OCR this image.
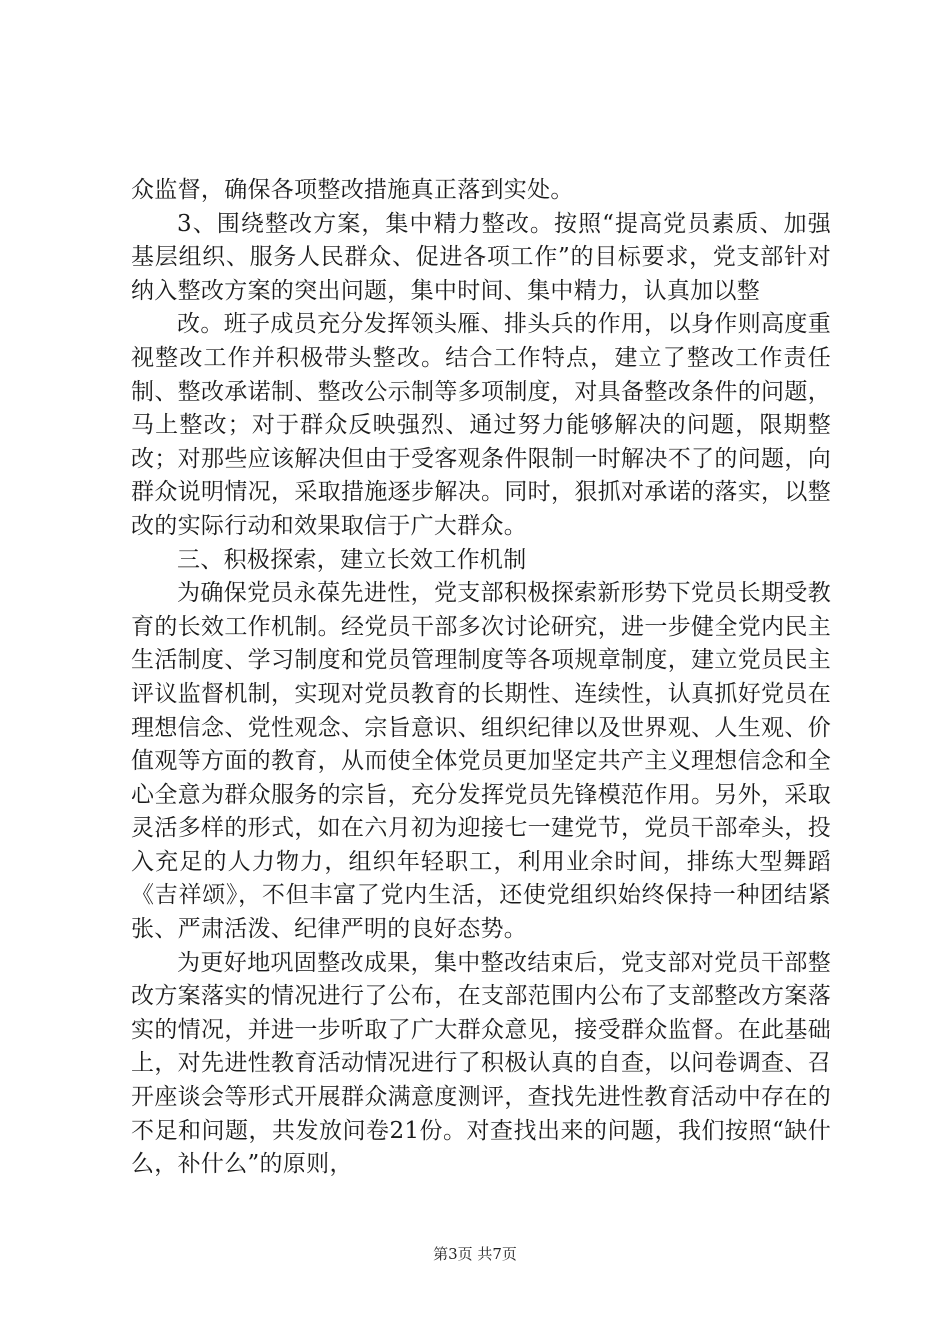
众监督，确保各项整改措施真正落到实处。

3、围绕整改方案，集中精力整改。按照“提高党员素质、加强基层组织、服务人民群众、促进各项工作”的目标要求，党支部针对纳入整改方案的突出问题，集中时间、集中精力，认真加以整

改。班子成员充分发挥领头雁、排头兵的作用，以身作则高度重视整改工作并积极带头整改。结合工作特点，建立了整改工作责任制、整改承诺制、整改公示制等多项制度，对具备整改条件的问题，马上整改；对于群众反映强烈、通过努力能够解决的问题，限期整改；对那些应该解决但由于受客观条件限制一时解决不了的问题，向群众说明情况，采取措施逐步解决。同时，狠抓对承诺的落实，以整改的实际行动和效果取信于广大群众。

三、积极探索，建立长效工作机制

为确保党员永葆先进性，党支部积极探索新形势下党员长期受教育的长效工作机制。经党员干部多次讨论研究，进一步健全党内民主生活制度、学习制度和党员管理制度等各项规章制度，建立党员民主评议监督机制，实现对党员教育的长期性、连续性，认真抓好党员在理想信念、党性观念、宗旨意识、组织纪律以及世界观、人生观、价值观等方面的教育，从而使全体党员更加坚定共产主义理想信念和全心全意为群众服务的宗旨，充分发挥党员先锋模范作用。另外，采取灵活多样的形式，如在六月初为迎接七一建党节，党员干部牵头，投入充足的人力物力，组织年轻职工，利用业余时间，排练大型舞蹈《吉祥颂》，不但丰富了党内生活，还使党组织始终保持一种团结紧张、严肃活泼、纪律严明的良好态势。

为更好地巩固整改成果，集中整改结束后，党支部对党员干部整改方案落实的情况进行了公布，在支部范围内公布了支部整改方案落实的情况，并进一步听取了广大群众意见，接受群众监督。在此基础上，对先进性教育活动情况进行了积极认真的自查，以问卷调查、召开座谈会等形式开展群众满意度测评，查找先进性教育活动中存在的不足和问题，共发放问卷21份。对查找出来的问题，我们按照“缺什么，补什么”的原则，

第3页 共7页
